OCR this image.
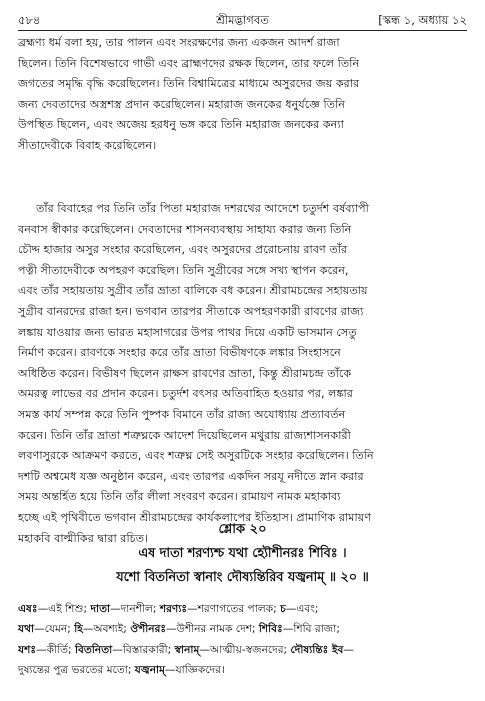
৫৮৪	শ্রীমদ্ভাগবত	[স্কন্ধ ১, অধ্যায় ১২
ব্রহ্মণ্য ধর্ম বলা হয়, তার পালন এবং সংরক্ষণের জন্য একজন আদর্শ রাজা
ছিলেন। তিনি বিশেষভাবে গাভী এবং ব্রাহ্মণদের রক্ষক ছিলেন, তার ফলে তিনি
জগতের সমৃদ্ধি বৃদ্ধি করেছিলেন। তিনি বিশ্বামিত্রের মাধ্যমে অসুরদের জয় করার
জন্য দেবতাদের অস্ত্রশস্ত্র প্রদান করেছিলেন। মহারাজ জনকের ধনুর্যজ্ঞে তিনি
উপস্থিত ছিলেন, এবং অজেয় হরধনু ভঙ্গ করে তিনি মহারাজ জনকের কন্যা
সীতাদেবীকে বিবাহ করেছিলেন।
তাঁর বিবাহের পর তিনি তাঁর পিতা মহারাজ দশরথের আদেশে চতুর্দশ বর্ষব্যাপী
বনবাস স্বীকার করেছিলেন। দেবতাদের শাসনব্যবস্থায় সাহায্য করার জন্য তিনি
চৌদ্দ হাজার অসুর সংহার করেছিলেন, এবং অসুরদের প্ররোচনায় রাবণ তাঁর
পত্নী সীতাদেবীকে অপহরণ করেছিল। তিনি সুগ্রীবের সঙ্গে সখ্য স্থাপন করেন,
এবং তাঁর সহায়তায় সুগ্রীব তাঁর ভ্রাতা বালিকে বধ করেন। শ্রীরামচন্দ্রের সহায়তায়
সুগ্রীব বানরদের রাজা হন। ভগবান তারপর সীতাকে অপহরণকারী রাবণের রাজ্য
লঙ্কায় যাওয়ার জন্য ভারত মহাসাগরের উপর পাথর দিয়ে একটি ভাসমান সেতু
নির্মাণ করেন। রাবণকে সংহার করে তাঁর ভ্রাতা বিভীষণকে লঙ্কার সিংহাসনে
অধিষ্ঠিত করেন। বিভীষণ ছিলেন রাক্ষস রাবণের ভ্রাতা, কিন্তু শ্রীরামচন্দ্র তাঁকে
অমরত্ব লাভের বর প্রদান করেন। চতুর্দশ বৎসর অতিবাহিত হওয়ার পর, লঙ্কার
সমস্ত কার্য সম্পন্ন করে তিনি পুষ্পক বিমানে তাঁর রাজ্য অযোধ্যায় প্রত্যাবর্তন
করেন। তিনি তাঁর ভ্রাতা শত্রুঘ্নকে আদেশ দিয়েছিলেন মথুরায় রাজ্যশাসনকারী
লবণাসুরকে আক্রমণ করতে, এবং শত্রুঘ্ন সেই অসুরটিকে সংহার করেছিলেন। তিনি
দশটি অশ্বমেধ যজ্ঞ অনুষ্ঠান করেন, এবং তারপর একদিন সরযূ নদীতে স্নান করার
সময় অন্তর্হিত হয়ে তিনি তাঁর লীলা সংবরণ করেন। রামায়ণ নামক মহাকাব্য
হচ্ছে এই পৃথিবীতে ভগবান শ্রীরামচন্দ্রের কার্যকলাপের ইতিহাস। প্রামাণিক রামায়ণ
মহাকবি বাল্মীকির দ্বারা রচিত।
শ্লোক ২০
এষ দাতা শরণ্যশ্চ যথা হ্যৌশীনরঃ শিবিঃ ।
যশো বিতনিতা স্বানাং দৌষ্যন্তিরিব যজ্বনাম্ ॥ ২০ ॥
এষঃ—এই শিশু; দাতা—দানশীল; শরণ্যঃ—শরণাগতের পালক; চ—এবং;
যথা—যেমন; হি—অবশ্যই; ঔশীনরঃ—উশীনর নামক দেশ; শিবিঃ—শিবি রাজা;
যশঃ—কীর্তি; বিতনিতা—বিস্তারকারী; স্বানাম্—আত্মীয়-স্বজনদের; দৌষ্যন্তিঃ ইব—
দুষ্যন্তের পুত্র ভরতের মতো; যজ্বনাম্—যাজ্ঞিকদের।
